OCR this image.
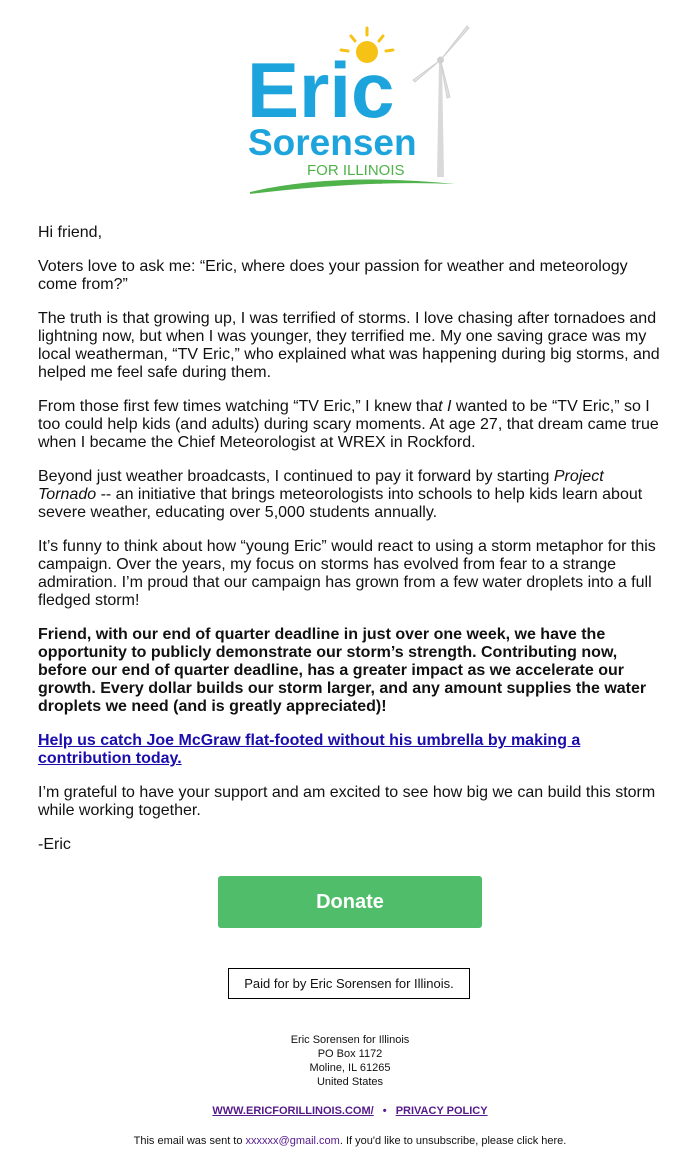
Eric
Sorensen
FOR ILLINOIS

Hi friend,

Voters love to ask me: “Eric, where does your passion for weather and meteorology come from?”

The truth is that growing up, I was terrified of storms. I love chasing after tornadoes and lightning now, but when I was younger, they terrified me. My one saving grace was my local weatherman, “TV Eric,” who explained what was happening during big storms, and helped me feel safe during them.

From those first few times watching “TV Eric,” I knew that I wanted to be “TV Eric,” so I too could help kids (and adults) during scary moments. At age 27, that dream came true when I became the Chief Meteorologist at WREX in Rockford.

Beyond just weather broadcasts, I continued to pay it forward by starting Project Tornado -- an initiative that brings meteorologists into schools to help kids learn about severe weather, educating over 5,000 students annually.

It’s funny to think about how “young Eric” would react to using a storm metaphor for this campaign. Over the years, my focus on storms has evolved from fear to a strange admiration. I’m proud that our campaign has grown from a few water droplets into a full fledged storm!

Friend, with our end of quarter deadline in just over one week, we have the opportunity to publicly demonstrate our storm’s strength. Contributing now, before our end of quarter deadline, has a greater impact as we accelerate our growth. Every dollar builds our storm larger, and any amount supplies the water droplets we need (and is greatly appreciated)!

Help us catch Joe McGraw flat-footed without his umbrella by making a contribution today.

I’m grateful to have your support and am excited to see how big we can build this storm while working together.

-Eric

Donate
Paid for by Eric Sorensen for Illinois.
Eric Sorensen for Illinois
PO Box 1172
Moline, IL 61265
United States
WWW.ERICFORILLINOIS.COM/ • PRIVACY POLICY
This email was sent to xxxxxx@gmail.com. If you'd like to unsubscribe, please click here.
